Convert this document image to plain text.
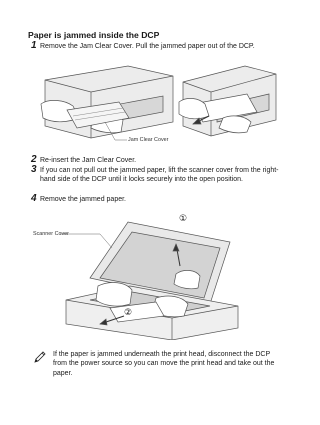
Paper is jammed inside the DCP
1 Remove the Jam Clear Cover. Pull the jammed paper out of the DCP.
Jam Clear Cover
2 Re-insert the Jam Clear Cover.
3 If you can not pull out the jammed paper, lift the scanner cover from the right-hand side of the DCP until it locks securely into the open position.
4 Remove the jammed paper.
Scanner Cover
①
②
If the paper is jammed underneath the print head, disconnect the DCP from the power source so you can move the print head and take out the paper.
